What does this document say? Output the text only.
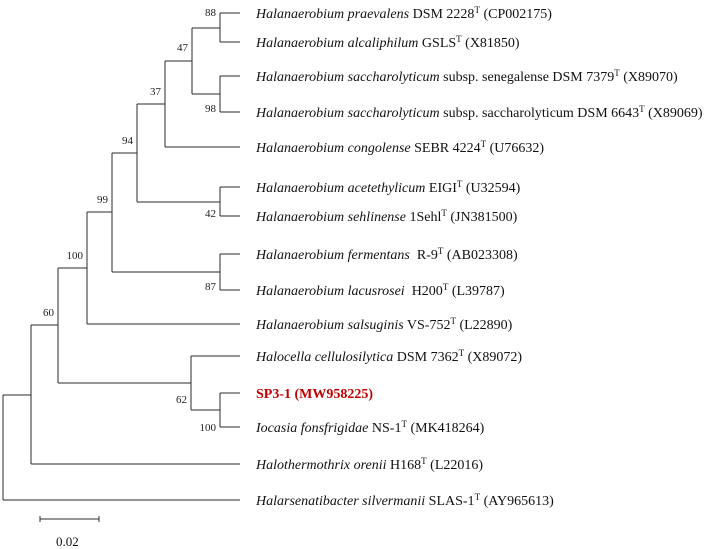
88
47
98
37
94
42
99
87
100
60
62
100
Halanaerobium praevalens DSM $2228^T$ (CP002175)
Halanaerobium alcaliphilum $GSLS^T$ (X81850)
Halanaerobium saccharolyticum subsp. senegalense DSM $7379^T$ (X89070)
Halanaerobium saccharolyticum subsp. saccharolyticum DSM $6643^T$ (X89069)
Halanaerobium congolense SEBR $4224^T$ (U76632)
Halanaerobium acetethylicum $EIGI^T$ (U32594)
Halanaerobium sehlinense 1Sehl$^T$ (JN381500)
Halanaerobium fermentans  $R-9^T$ (AB023308)
Halanaerobium lacusrosei  $H200^T$ (L39787)
Halanaerobium salsuginis $VS-752^T$ (L22890)
Halocella cellulosilytica DSM $7362^T$ (X89072)
SP3-1 (MW958225)
Iocasia fonsfrigidae $NS-1^T$ (MK418264)
Halothermothrix orenii $H168^T$ (L22016)
Halarsenatibacter silvermanii SLAS-$1^T$ (AY965613)
0.02
